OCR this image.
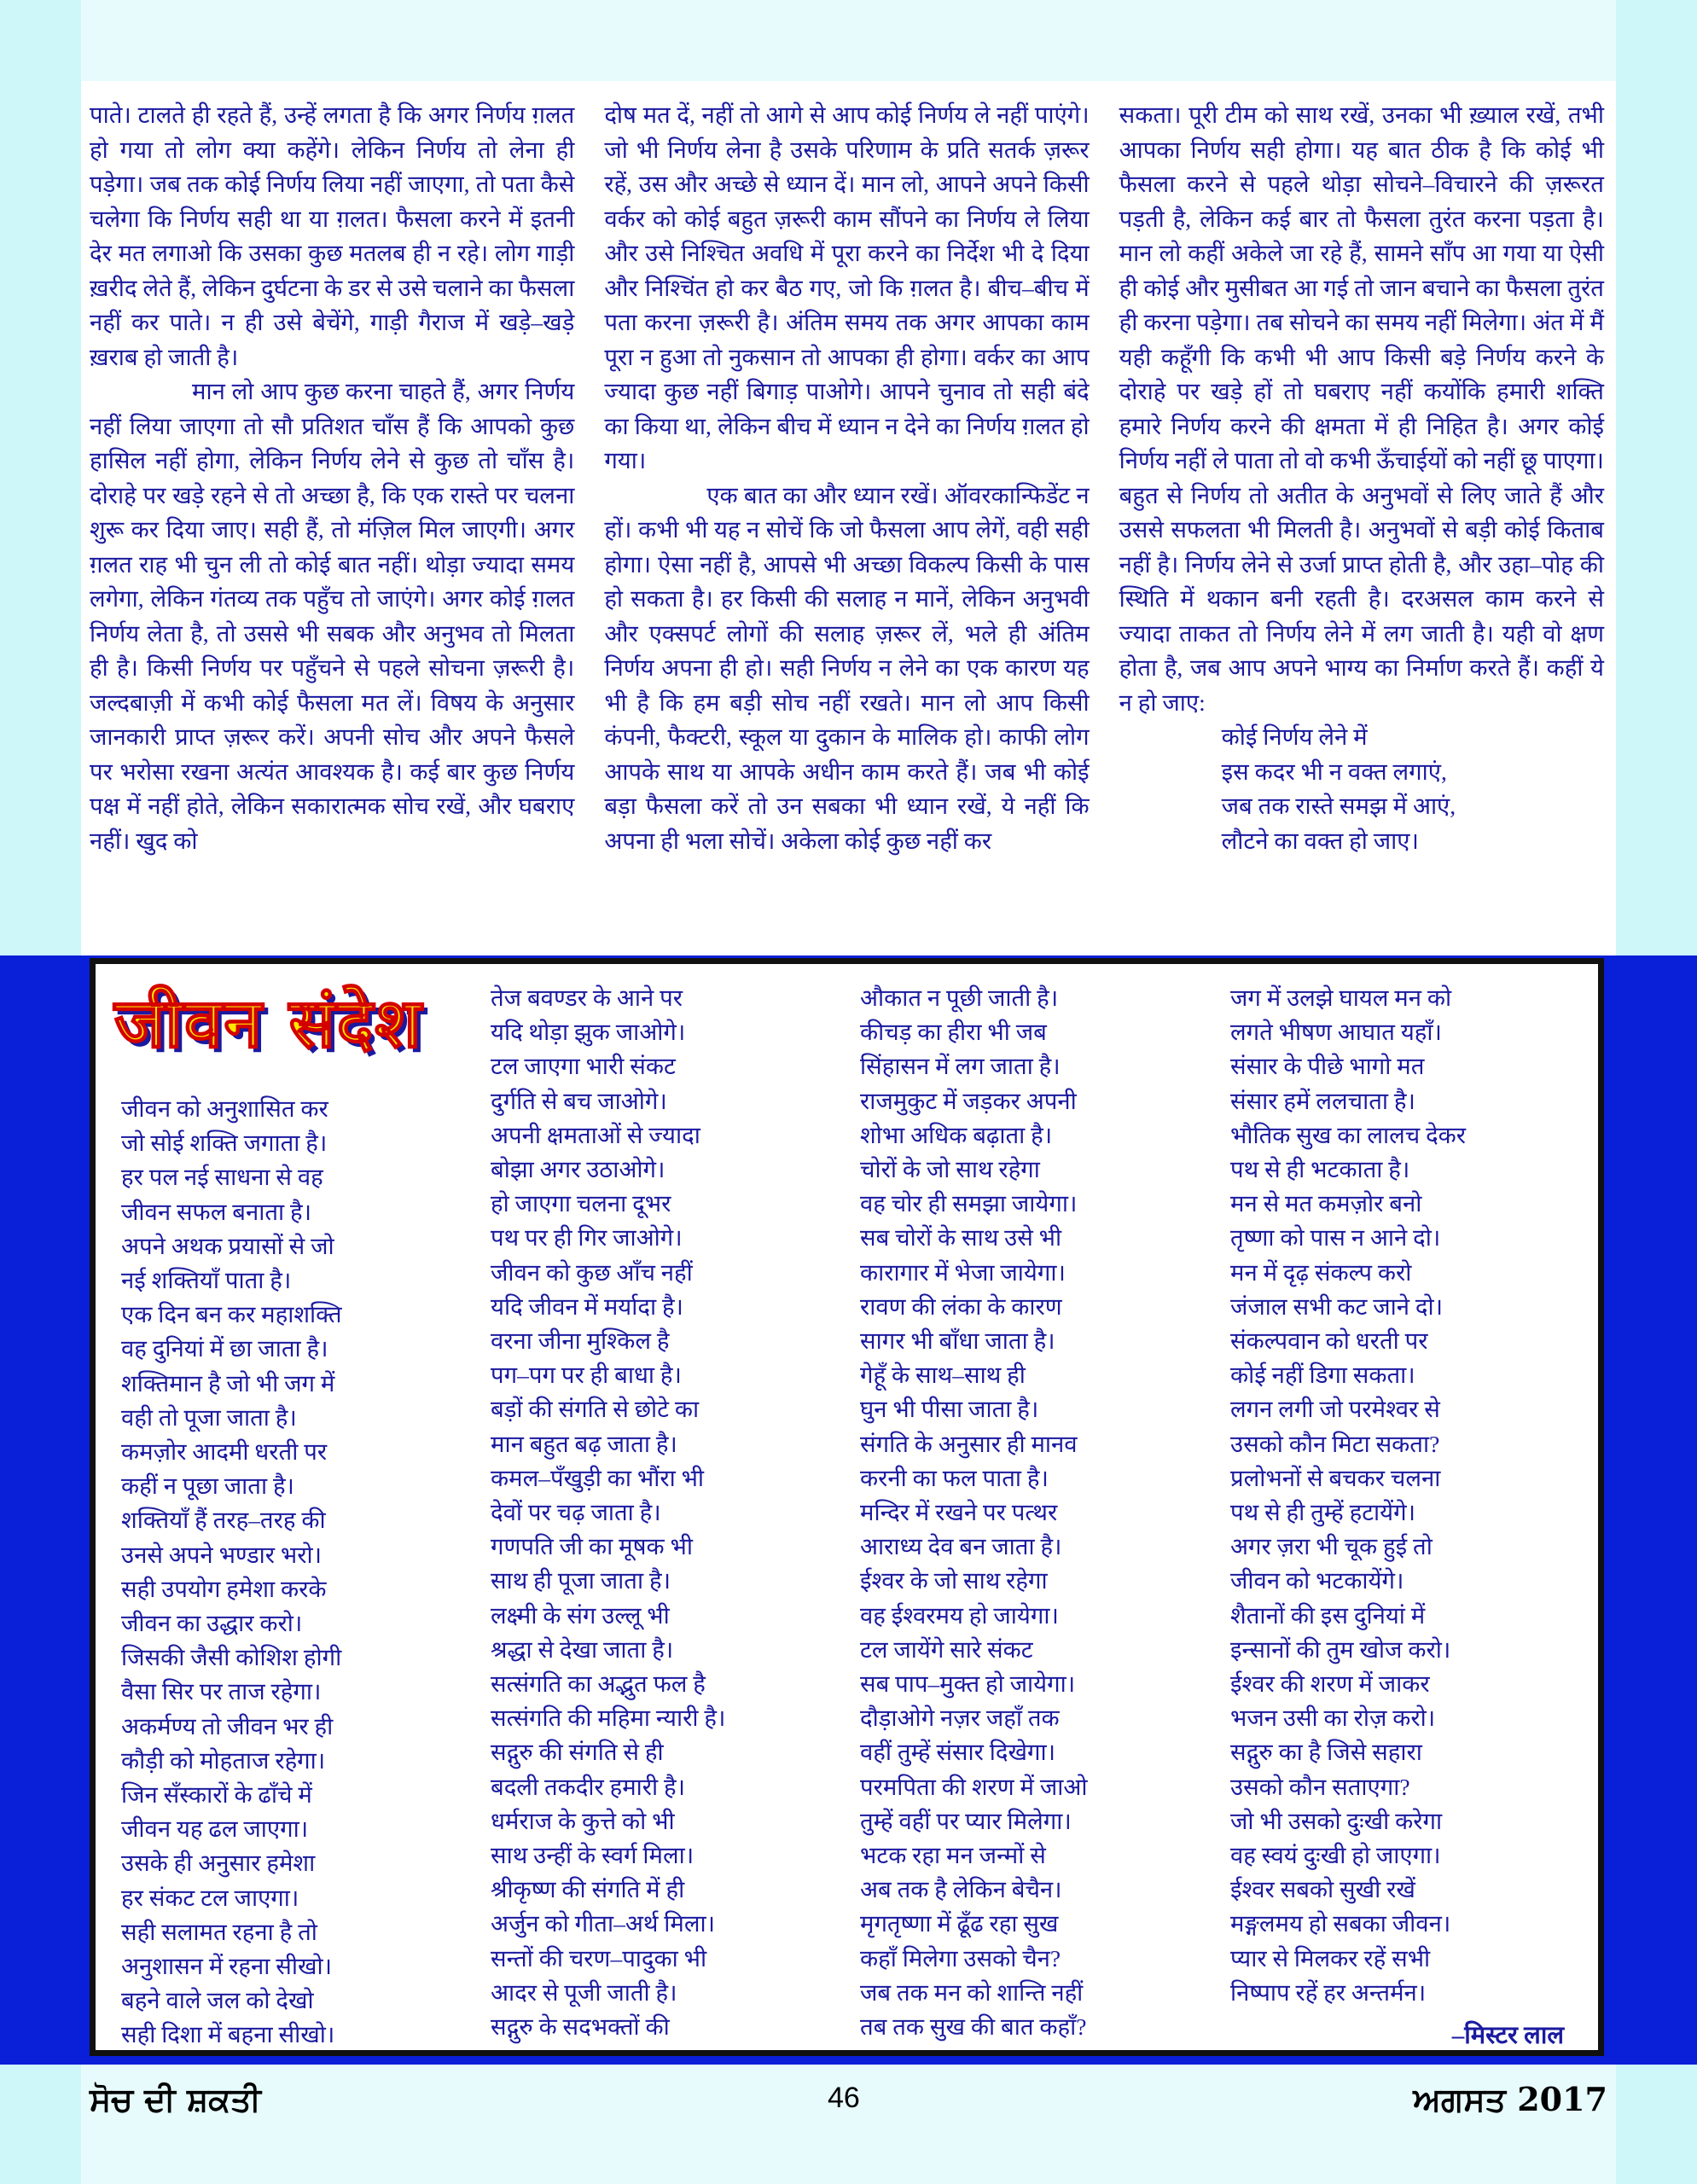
पाते। टालते ही रहते हैं, उन्हें लगता है कि अगर निर्णय ग़लत हो गया तो लोग क्या कहेंगे। लेकिन निर्णय तो लेना ही पड़ेगा। जब तक कोई निर्णय लिया नहीं जाएगा, तो पता कैसे चलेगा कि निर्णय सही था या ग़लत। फैसला करने में इतनी देर मत लगाओ कि उसका कुछ मतलब ही न रहे। लोग गाड़ी ख़रीद लेते हैं, लेकिन दुर्घटना के डर से उसे चलाने का फैसला नहीं कर पाते। न ही उसे बेचेंगे, गाड़ी गैराज में खड़े–खड़े ख़राब हो जाती है।

मान लो आप कुछ करना चाहते हैं, अगर निर्णय नहीं लिया जाएगा तो सौ प्रतिशत चाँस हैं कि आपको कुछ हासिल नहीं होगा, लेकिन निर्णय लेने से कुछ तो चाँस है। दोराहे पर खड़े रहने से तो अच्छा है, कि एक रास्ते पर चलना शुरू कर दिया जाए। सही हैं, तो मंज़िल मिल जाएगी। अगर ग़लत राह भी चुन ली तो कोई बात नहीं। थोड़ा ज्यादा समय लगेगा, लेकिन गंतव्य तक पहुँच तो जाएंगे। अगर कोई ग़लत निर्णय लेता है, तो उससे भी सबक और अनुभव तो मिलता ही है। किसी निर्णय पर पहुँचने से पहले सोचना ज़रूरी है। जल्दबाज़ी में कभी कोई फैसला मत लें। विषय के अनुसार जानकारी प्राप्त ज़रूर करें। अपनी सोच और अपने फैसले पर भरोसा रखना अत्यंत आवश्यक है। कई बार कुछ निर्णय पक्ष में नहीं होते, लेकिन सकारात्मक सोच रखें, और घबराए नहीं। खुद को

दोष मत दें, नहीं तो आगे से आप कोई निर्णय ले नहीं पाएंगे। जो भी निर्णय लेना है उसके परिणाम के प्रति सतर्क ज़रूर रहें, उस और अच्छे से ध्यान दें। मान लो, आपने अपने किसी वर्कर को कोई बहुत ज़रूरी काम सौंपने का निर्णय ले लिया और उसे निश्चित अवधि में पूरा करने का निर्देश भी दे दिया और निश्चिंत हो कर बैठ गए, जो कि ग़लत है। बीच–बीच में पता करना ज़रूरी है। अंतिम समय तक अगर आपका काम पूरा न हुआ तो नुकसान तो आपका ही होगा। वर्कर का आप ज्यादा कुछ नहीं बिगाड़ पाओगे। आपने चुनाव तो सही बंदे का किया था, लेकिन बीच में ध्यान न देने का निर्णय ग़लत हो गया।

एक बात का और ध्यान रखें। ऑवरकान्फिडेंट न हों। कभी भी यह न सोचें कि जो फैसला आप लेगें, वही सही होगा। ऐसा नहीं है, आपसे भी अच्छा विकल्प किसी के पास हो सकता है। हर किसी की सलाह न मानें, लेकिन अनुभवी और एक्सपर्ट लोगों की सलाह ज़रूर लें, भले ही अंतिम निर्णय अपना ही हो। सही निर्णय न लेने का एक कारण यह भी है कि हम बड़ी सोच नहीं रखते। मान लो आप किसी कंपनी, फैक्टरी, स्कूल या दुकान के मालिक हो। काफी लोग आपके साथ या आपके अधीन काम करते हैं। जब भी कोई बड़ा फैसला करें तो उन सबका भी ध्यान रखें, ये नहीं कि अपना ही भला सोचें। अकेला कोई कुछ नहीं कर

सकता। पूरी टीम को साथ रखें, उनका भी ख़्याल रखें, तभी आपका निर्णय सही होगा। यह बात ठीक है कि कोई भी फैसला करने से पहले थोड़ा सोचने–विचारने की ज़रूरत पड़ती है, लेकिन कई बार तो फैसला तुरंत करना पड़ता है। मान लो कहीं अकेले जा रहे हैं, सामने साँप आ गया या ऐसी ही कोई और मुसीबत आ गई तो जान बचाने का फैसला तुरंत ही करना पड़ेगा। तब सोचने का समय नहीं मिलेगा। अंत में मैं यही कहूँगी कि कभी भी आप किसी बड़े निर्णय करने के दोराहे पर खड़े हों तो घबराए नहीं कयोंकि हमारी शक्ति हमारे निर्णय करने की क्षमता में ही निहित है। अगर कोई निर्णय नहीं ले पाता तो वो कभी ऊँचाईयों को नहीं छू पाएगा। बहुत से निर्णय तो अतीत के अनुभवों से लिए जाते हैं और उससे सफलता भी मिलती है। अनुभवों से बड़ी कोई किताब नहीं है। निर्णय लेने से उर्जा प्राप्त होती है, और उहा–पोह की स्थिति में थकान बनी रहती है। दरअसल काम करने से ज्यादा ताकत तो निर्णय लेने में लग जाती है। यही वो क्षण होता है, जब आप अपने भाग्य का निर्माण करते हैं। कहीं ये न हो जाए:

कोई निर्णय लेने में
इस कदर भी न वक्त लगाएं,
जब तक रास्ते समझ में आएं,
लौटने का वक्त हो जाए।
जीवन संदेश
जीवन को अनुशासित कर
जो सोई शक्ति जगाता है।
हर पल नई साधना से वह
जीवन सफल बनाता है।
अपने अथक प्रयासों से जो
नई शक्तियाँ पाता है।
एक दिन बन कर महाशक्ति
वह दुनियां में छा जाता है।
शक्तिमान है जो भी जग में
वही तो पूजा जाता है।
कमज़ोर आदमी धरती पर
कहीं न पूछा जाता है।
शक्तियाँ हैं तरह–तरह की
उनसे अपने भण्डार भरो।
सही उपयोग हमेशा करके
जीवन का उद्धार करो।
जिसकी जैसी कोशिश होगी
वैसा सिर पर ताज रहेगा।
अकर्मण्य तो जीवन भर ही
कौड़ी को मोहताज रहेगा।
जिन सँस्कारों के ढाँचे में
जीवन यह ढल जाएगा।
उसके ही अनुसार हमेशा
हर संकट टल जाएगा।
सही सलामत रहना है तो
अनुशासन में रहना सीखो।
बहने वाले जल को देखो
सही दिशा में बहना सीखो।
तेज बवण्डर के आने पर
यदि थोड़ा झुक जाओगे।
टल जाएगा भारी संकट
दुर्गति से बच जाओगे।
अपनी क्षमताओं से ज्यादा
बोझा अगर उठाओगे।
हो जाएगा चलना दूभर
पथ पर ही गिर जाओगे।
जीवन को कुछ आँच नहीं
यदि जीवन में मर्यादा है।
वरना जीना मुश्किल है
पग–पग पर ही बाधा है।
बड़ों की संगति से छोटे का
मान बहुत बढ़ जाता है।
कमल–पँखुड़ी का भौंरा भी
देवों पर चढ़ जाता है।
गणपति जी का मूषक भी
साथ ही पूजा जाता है।
लक्ष्मी के संग उल्लू भी
श्रद्धा से देखा जाता है।
सत्संगति का अद्भुत फल है
सत्संगति की महिमा न्यारी है।
सद्गुरु की संगति से ही
बदली तकदीर हमारी है।
धर्मराज के कुत्ते को भी
साथ उन्हीं के स्वर्ग मिला।
श्रीकृष्ण की संगति में ही
अर्जुन को गीता–अर्थ मिला।
सन्तों की चरण–पादुका भी
आदर से पूजी जाती है।
सद्गुरु के सदभक्तों की
औकात न पूछी जाती है।
कीचड़ का हीरा भी जब
सिंहासन में लग जाता है।
राजमुकुट में जड़कर अपनी
शोभा अधिक बढ़ाता है।
चोरों के जो साथ रहेगा
वह चोर ही समझा जायेगा।
सब चोरों के साथ उसे भी
कारागार में भेजा जायेगा।
रावण की लंका के कारण
सागर भी बाँधा जाता है।
गेहूँ के साथ–साथ ही
घुन भी पीसा जाता है।
संगति के अनुसार ही मानव
करनी का फल पाता है।
मन्दिर में रखने पर पत्थर
आराध्य देव बन जाता है।
ईश्वर के जो साथ रहेगा
वह ईश्वरमय हो जायेगा।
टल जायेंगे सारे संकट
सब पाप–मुक्त हो जायेगा।
दौड़ाओगे नज़र जहाँ तक
वहीं तुम्हें संसार दिखेगा।
परमपिता की शरण में जाओ
तुम्हें वहीं पर प्यार मिलेगा।
भटक रहा मन जन्मों से
अब तक है लेकिन बेचैन।
मृगतृष्णा में ढूँढ रहा सुख
कहाँ मिलेगा उसको चैन?
जब तक मन को शान्ति नहीं
तब तक सुख की बात कहाँ?
जग में उलझे घायल मन को
लगते भीषण आघात यहाँ।
संसार के पीछे भागो मत
संसार हमें ललचाता है।
भौतिक सुख का लालच देकर
पथ से ही भटकाता है।
मन से मत कमज़ोर बनो
तृष्णा को पास न आने दो।
मन में दृढ़ संकल्प करो
जंजाल सभी कट जाने दो।
संकल्पवान को धरती पर
कोई नहीं डिगा सकता।
लगन लगी जो परमेश्वर से
उसको कौन मिटा सकता?
प्रलोभनों से बचकर चलना
पथ से ही तुम्हें हटायेंगे।
अगर ज़रा भी चूक हुई तो
जीवन को भटकायेंगे।
शैतानों की इस दुनियां में
इन्सानों की तुम खोज करो।
ईश्वर की शरण में जाकर
भजन उसी का रोज़ करो।
सद्गुरु का है जिसे सहारा
उसको कौन सताएगा?
जो भी उसको दुःखी करेगा
वह स्वयं दुःखी हो जाएगा।
ईश्वर सबको सुखी रखें
मङ्गलमय हो सबका जीवन।
प्यार से मिलकर रहें सभी
निष्पाप रहें हर अन्तर्मन।
–मिस्टर लाल
ਸੋਚ ਦੀ ਸ਼ਕਤੀ	46	ਅਗਸਤ 2017
